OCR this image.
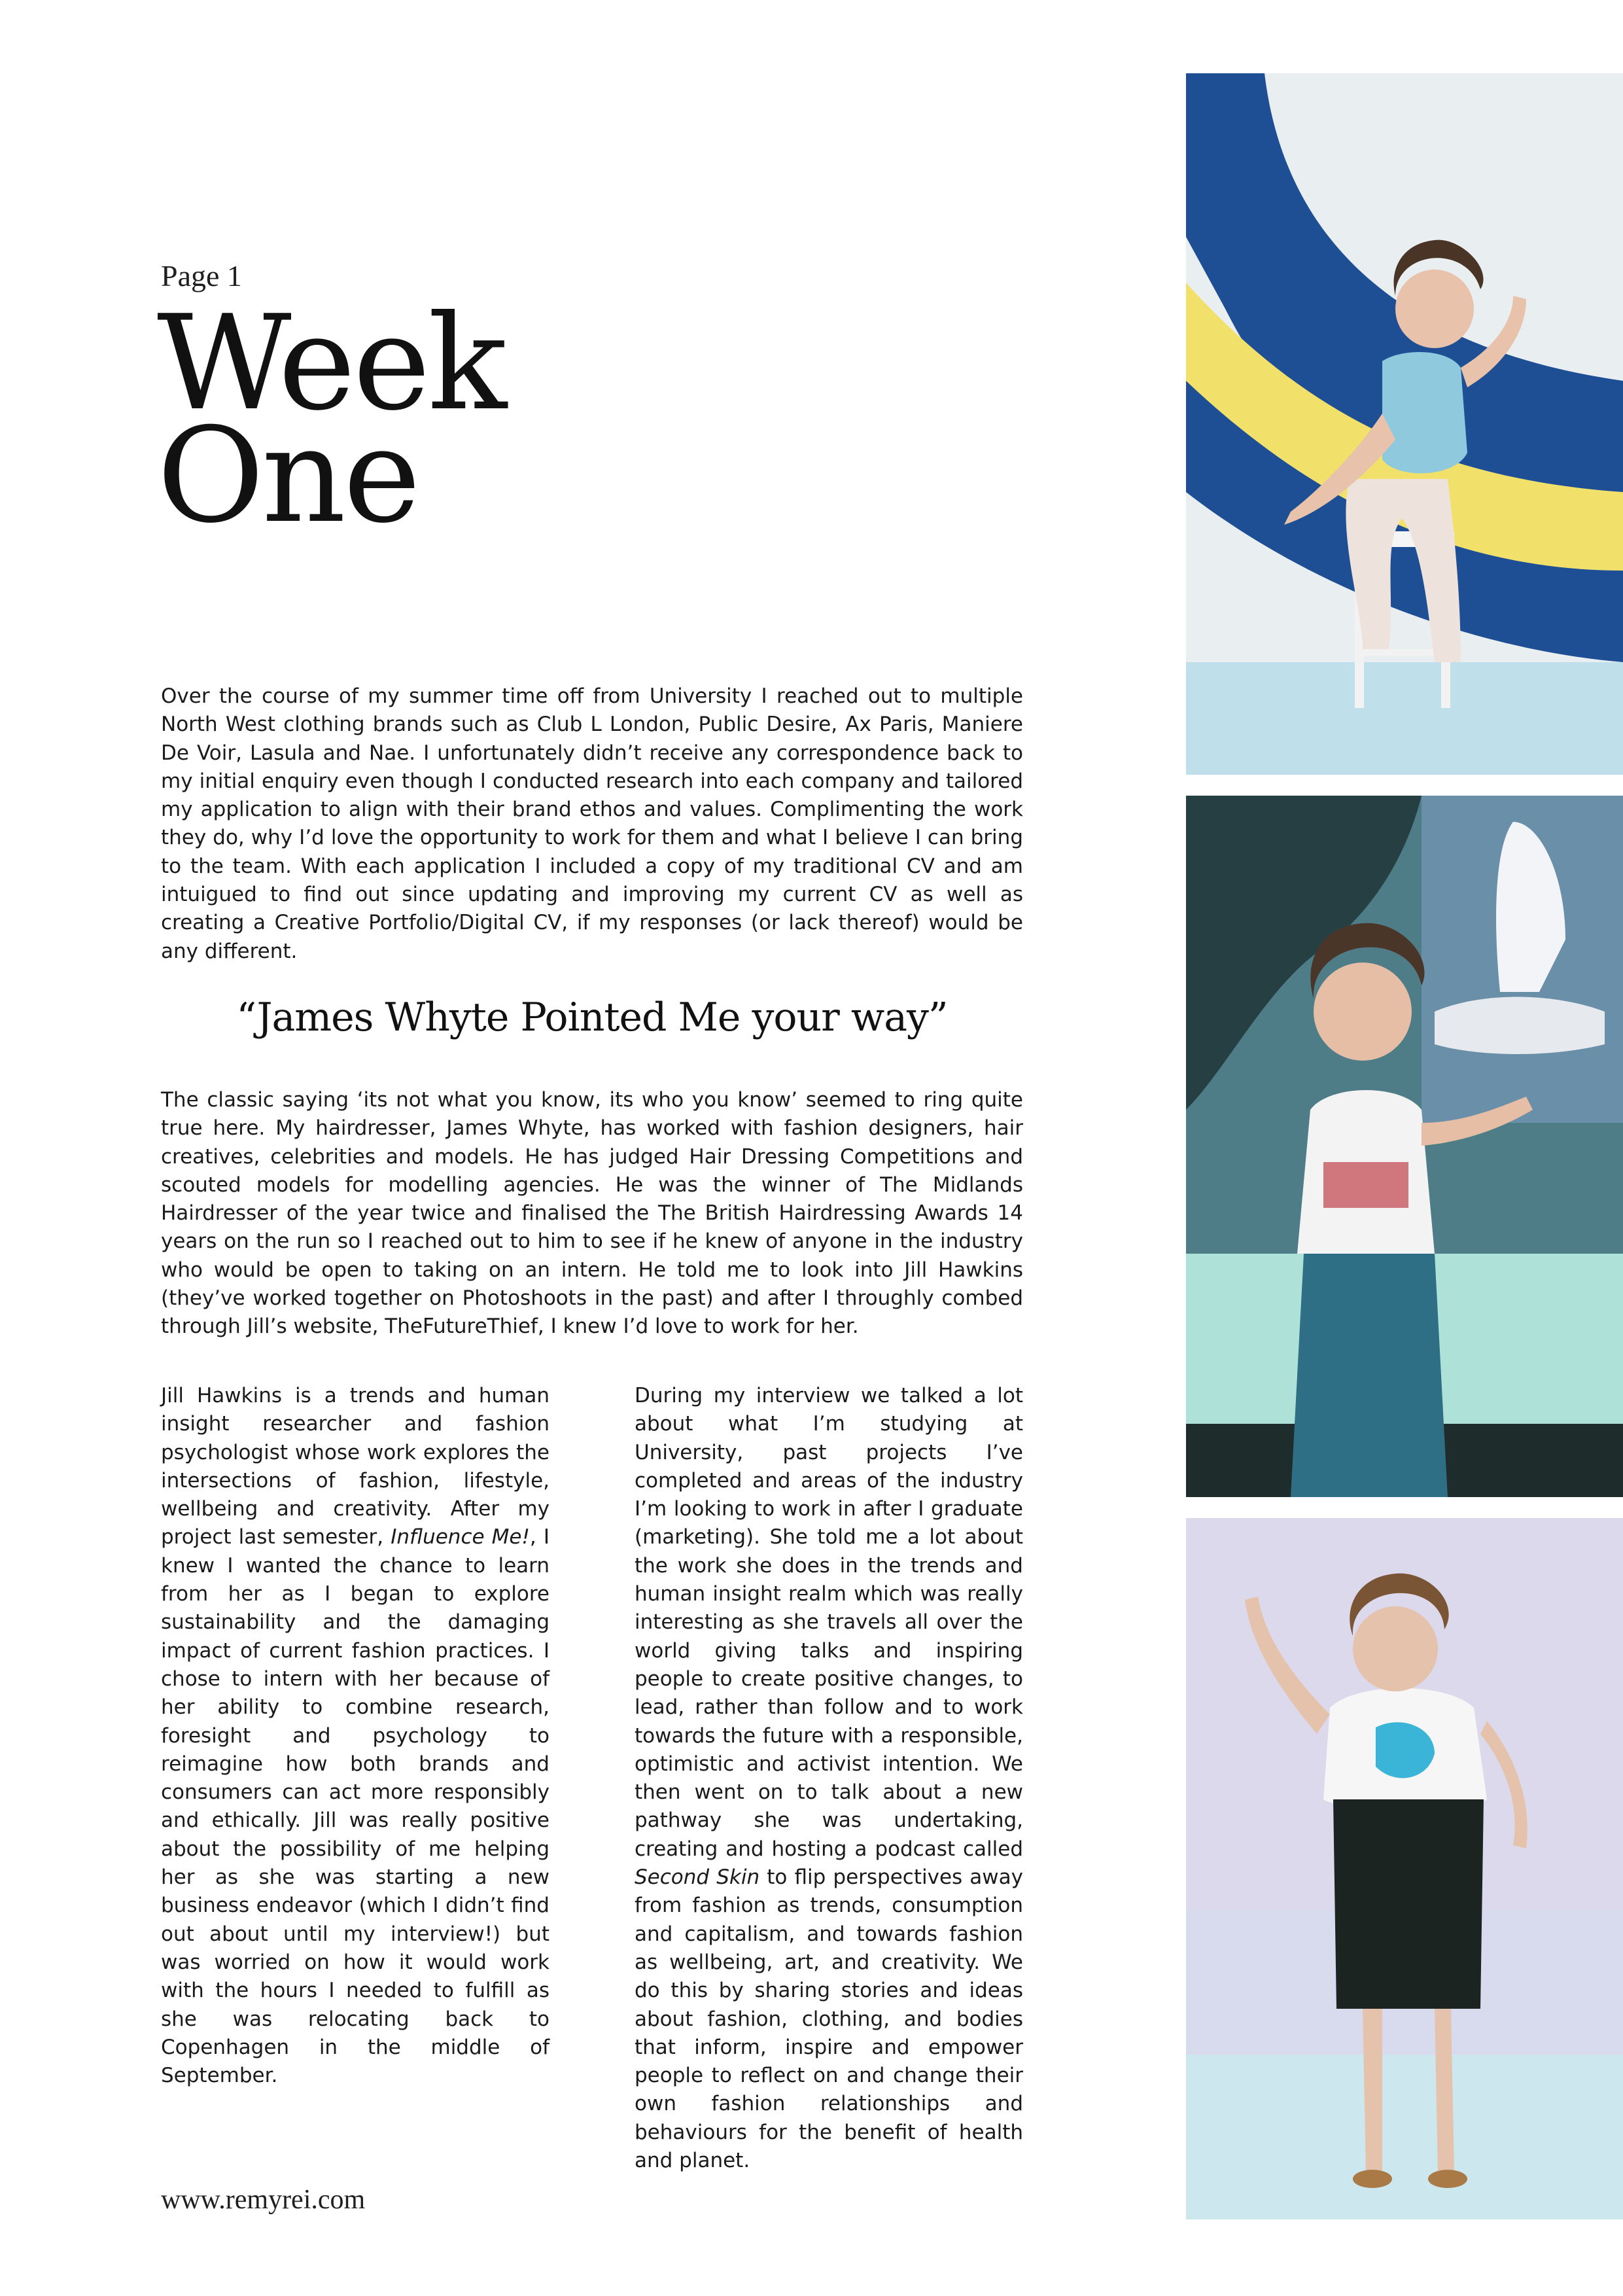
Page 1
Week
One
Over the course of my summer time off from University I reached out to multiple North West clothing brands such as Club L London, Public Desire, Ax Paris, Maniere De Voir, Lasula and Nae. I unfortunately didn’t receive any correspondence back to my initial enquiry even though I conducted research into each company and tailored my application to align with their brand ethos and values. Complimenting the work they do, why I’d love the opportunity to work for them and what I believe I can bring to the team. With each application I included a copy of my traditional CV and am intuigued to find out since updating and improving my current CV as well as creating a Creative Portfolio/Digital CV, if my responses (or lack thereof) would be any different.
“James Whyte Pointed Me your way”
The classic saying ‘its not what you know, its who you know’ seemed to ring quite true here. My hairdresser, James Whyte, has worked with fashion designers, hair creatives, celebrities and models. He has judged Hair Dressing Competitions and scouted models for modelling agencies. He was the winner of The Midlands Hairdresser of the year twice and finalised the The British Hairdressing Awards 14 years on the run so I reached out to him to see if he knew of anyone in the industry who would be open to taking on an intern. He told me to look into Jill Hawkins (they’ve worked together on Photoshoots in the past) and after I throughly combed through Jill’s website, TheFutureThief, I knew I’d love to work for her.
Jill Hawkins is a trends and human insight researcher and fashion psychologist whose work explores the intersections of fashion, lifestyle, wellbeing and creativity. After my project last semester, Influence Me!, I knew I wanted the chance to learn from her as I began to explore sustainability and the damaging impact of current fashion practices. I chose to intern with her because of her ability to combine research, foresight and psychology to reimagine how both brands and consumers can act more responsibly and ethically. Jill was really positive about the possibility of me helping her as she was starting a new business endeavor (which I didn’t find out about until my interview!) but was worried on how it would work with the hours I needed to fulfill as she was relocating back to Copenhagen in the middle of September.
During my interview we talked a lot about what I’m studying at University, past projects I’ve completed and areas of the industry I’m looking to work in after I graduate (marketing). She told me a lot about the work she does in the trends and human insight realm which was really interesting as she travels all over the world giving talks and inspiring people to create positive changes, to lead, rather than follow and to work towards the future with a responsible, optimistic and activist intention. We then went on to talk about a new pathway she was undertaking, creating and hosting a podcast called Second Skin to flip perspectives away from fashion as trends, consumption and capitalism, and towards fashion as wellbeing, art, and creativity. We do this by sharing stories and ideas about fashion, clothing, and bodies that inform, inspire and empower people to reflect on and change their own fashion relationships and behaviours for the benefit of health and planet.
www.remyrei.com
